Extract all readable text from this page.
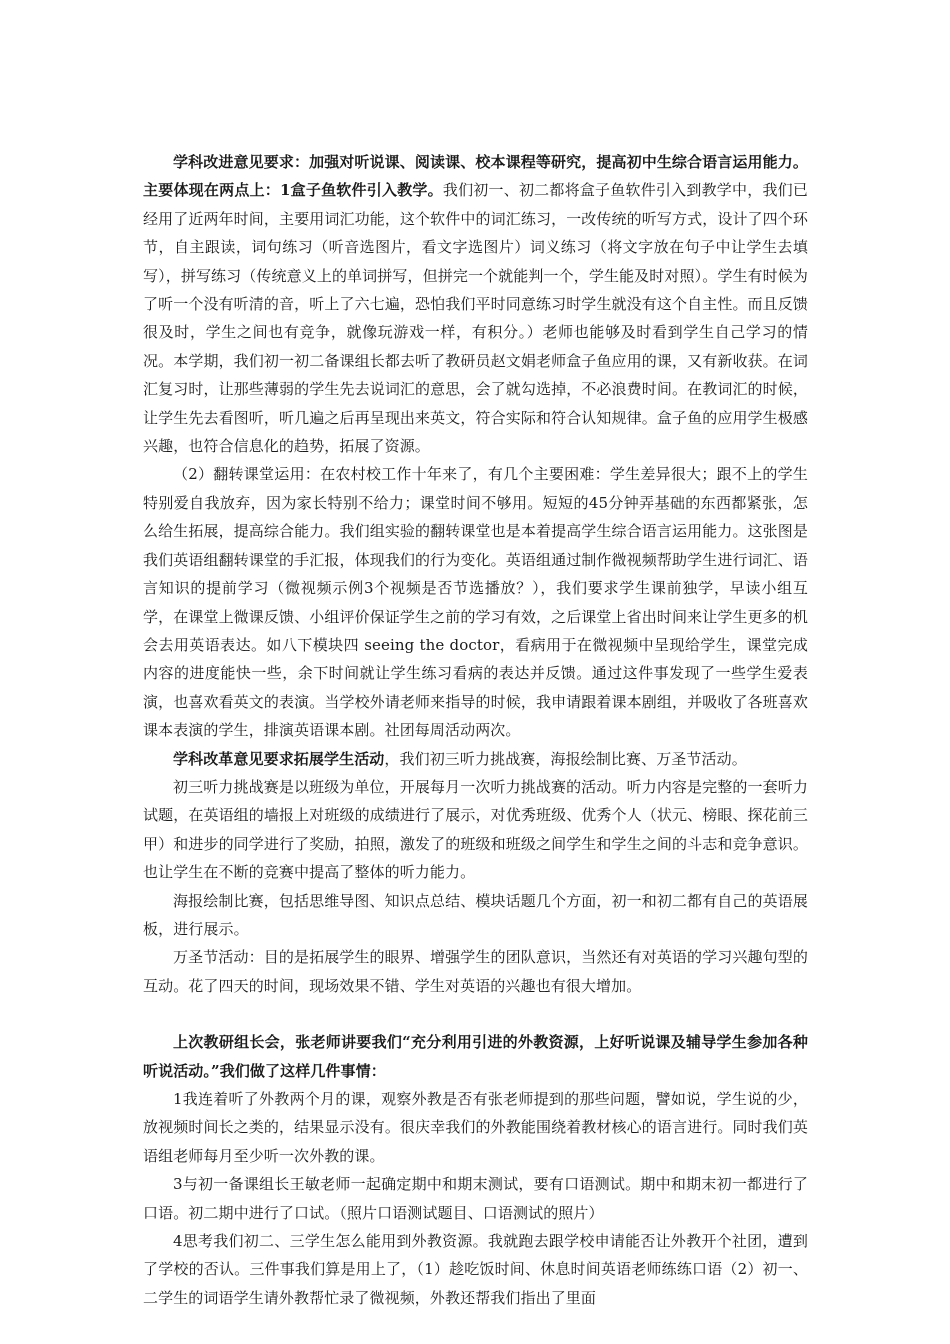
学科改进意见要求：加强对听说课、阅读课、校本课程等研究，提高初中生综合语言运用能力。主要体现在两点上：1盒子鱼软件引入教学。我们初一、初二都将盒子鱼软件引入到教学中，我们已经用了近两年时间，主要用词汇功能，这个软件中的词汇练习，一改传统的听写方式，设计了四个环节，自主跟读，词句练习（听音选图片，看文字选图片）词义练习（将文字放在句子中让学生去填写），拼写练习（传统意义上的单词拼写，但拼完一个就能判一个，学生能及时对照）。学生有时候为了听一个没有听清的音，听上了六七遍，恐怕我们平时同意练习时学生就没有这个自主性。而且反馈很及时，学生之间也有竞争，就像玩游戏一样，有积分。）老师也能够及时看到学生自己学习的情况。本学期，我们初一初二备课组长都去听了教研员赵文娟老师盒子鱼应用的课，又有新收获。在词汇复习时，让那些薄弱的学生先去说词汇的意思，会了就勾选掉，不必浪费时间。在教词汇的时候，让学生先去看图听，听几遍之后再呈现出来英文，符合实际和符合认知规律。盒子鱼的应用学生极感兴趣，也符合信息化的趋势，拓展了资源。

（2）翻转课堂运用：在农村校工作十年来了，有几个主要困难：学生差异很大；跟不上的学生特别爱自我放弃，因为家长特别不给力；课堂时间不够用。短短的45分钟弄基础的东西都紧张，怎么给生拓展，提高综合能力。我们组实验的翻转课堂也是本着提高学生综合语言运用能力。这张图是我们英语组翻转课堂的手汇报，体现我们的行为变化。英语组通过制作微视频帮助学生进行词汇、语言知识的提前学习（微视频示例3个视频是否节选播放？），我们要求学生课前独学，早读小组互学，在课堂上微课反馈、小组评价保证学生之前的学习有效，之后课堂上省出时间来让学生更多的机会去用英语表达。如八下模块四 seeing the doctor，看病用于在微视频中呈现给学生，课堂完成内容的进度能快一些，余下时间就让学生练习看病的表达并反馈。通过这件事发现了一些学生爱表演，也喜欢看英文的表演。当学校外请老师来指导的时候，我申请跟着课本剧组，并吸收了各班喜欢课本表演的学生，排演英语课本剧。社团每周活动两次。

学科改革意见要求拓展学生活动，我们初三听力挑战赛，海报绘制比赛、万圣节活动。

初三听力挑战赛是以班级为单位，开展每月一次听力挑战赛的活动。听力内容是完整的一套听力试题，在英语组的墙报上对班级的成绩进行了展示，对优秀班级、优秀个人（状元、榜眼、探花前三甲）和进步的同学进行了奖励，拍照，激发了的班级和班级之间学生和学生之间的斗志和竞争意识。也让学生在不断的竞赛中提高了整体的听力能力。

海报绘制比赛，包括思维导图、知识点总结、模块话题几个方面，初一和初二都有自己的英语展板，进行展示。

万圣节活动：目的是拓展学生的眼界、增强学生的团队意识，当然还有对英语的学习兴趣句型的互动。花了四天的时间，现场效果不错、学生对英语的兴趣也有很大增加。

上次教研组长会，张老师讲要我们“充分利用引进的外教资源，上好听说课及辅导学生参加各种听说活动。”我们做了这样几件事情：

1我连着听了外教两个月的课，观察外教是否有张老师提到的那些问题，譬如说，学生说的少，放视频时间长之类的，结果显示没有。很庆幸我们的外教能围绕着教材核心的语言进行。同时我们英语组老师每月至少听一次外教的课。

3与初一备课组长王敏老师一起确定期中和期末测试，要有口语测试。期中和期末初一都进行了口语。初二期中进行了口试。（照片口语测试题目、口语测试的照片）

4思考我们初二、三学生怎么能用到外教资源。我就跑去跟学校申请能否让外教开个社团，遭到了学校的否认。三件事我们算是用上了，（1）趁吃饭时间、休息时间英语老师练练口语（2）初一、二学生的词语学生请外教帮忙录了微视频，外教还帮我们指出了里面
